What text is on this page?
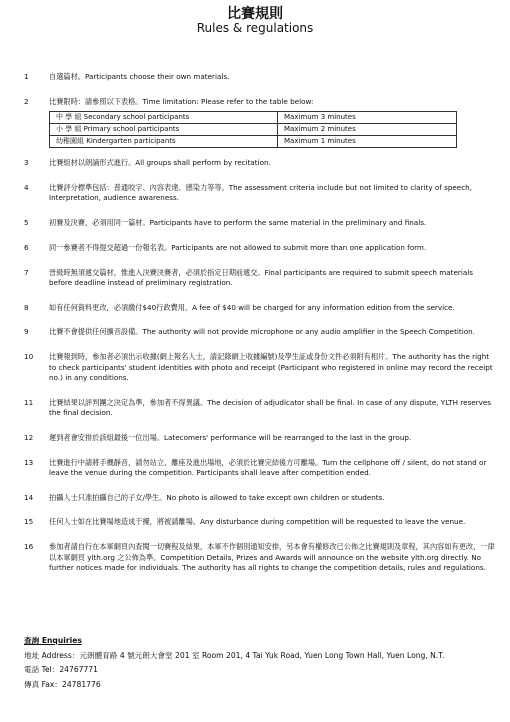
比賽規則
Rules & regulations
1	自選篇材。Participants choose their own materials.
2	比賽限時：請參照以下表格。Time limitation: Please refer to the table below:
中 學 組 Secondary school participants	Maximum 3 minutes
小 學 組 Primary school participants	Maximum 2 minutes
幼稚園組 Kindergarten participants	Maximum 1 minutes
3	比賽組材以朗誦形式進行。All groups shall perform by recitation.
4	比賽評分標準包括：普通咬字、內容表達、感染力等等。The assessment criteria include but not limited to clarity of speech, Interpretation, audience awareness.
5	初賽及決賽，必須用同一篇材。Participants have to perform the same material in the preliminary and finals.
6	同一參賽者不得提交超過一份報名表。Participants are not allowed to submit more than one application form.
7	晉級時無須遞交篇材，惟進入決賽決賽者，必須於指定日期前遞交。Final participants are required to submit speech materials before deadline instead of preliminary registration.
8	如有任何資料更改，必須繳付$40行政費用。A fee of $40 will be charged for any information edition from the service.
9	比賽不會提供任何擴音設備。The authority will not provide microphone or any audio amplifier in the Speech Competition.
10	比賽報到時，參加者必須出示收據(網上報名人士，請記錄網上收據編號)及學生証或身份文件必須附有相片。The authority has the right to check participants' student identities with photo and receipt (Participant who registered in online may record the receipt no.) in any conditions.
11	比賽結果以評判團之決定為準，參加者不得異議。The decision of adjudicator shall be final. In case of any dispute, YLTH reserves the final decision.
12	遲到者會安排於該組最後一位出場。Latecomers' performance will be rearranged to the last in the group.
13	比賽進行中請將手機靜音，請勿站立、離座及進出場地，必須於比賽完結後方可離場。Turn the cellphone off / silent, do not stand or leave the venue during the competition. Participants shall leave after competition ended.
14	拍攝人士只准拍攝自己的子女/學生。No photo is allowed to take except own children or students.
15	任何人士如在比賽場地造成干擾，將被請離場。Any disturbance during competition will be requested to leave the venue.
16	參加者請自行在本軍網頁內查閱一切賽程及結果，本軍不作個別通知安排，另本會有權修改已公佈之比賽規則及章程，其內容如有更改，一律以本軍網頁 ylth.org 之公佈為準。Competition Details, Prizes and Awards will announce on the website ylth.org directly. No further notices made for individuals. The authority has all rights to change the competition details, rules and regulations.
查詢 Enquiries
地址 Address：元朗體育路 4 號元朗大會堂 201 室 Room 201, 4 Tai Yuk Road, Yuen Long Town Hall, Yuen Long, N.T.
電話 Tel：24767771
傳真 Fax：24781776
